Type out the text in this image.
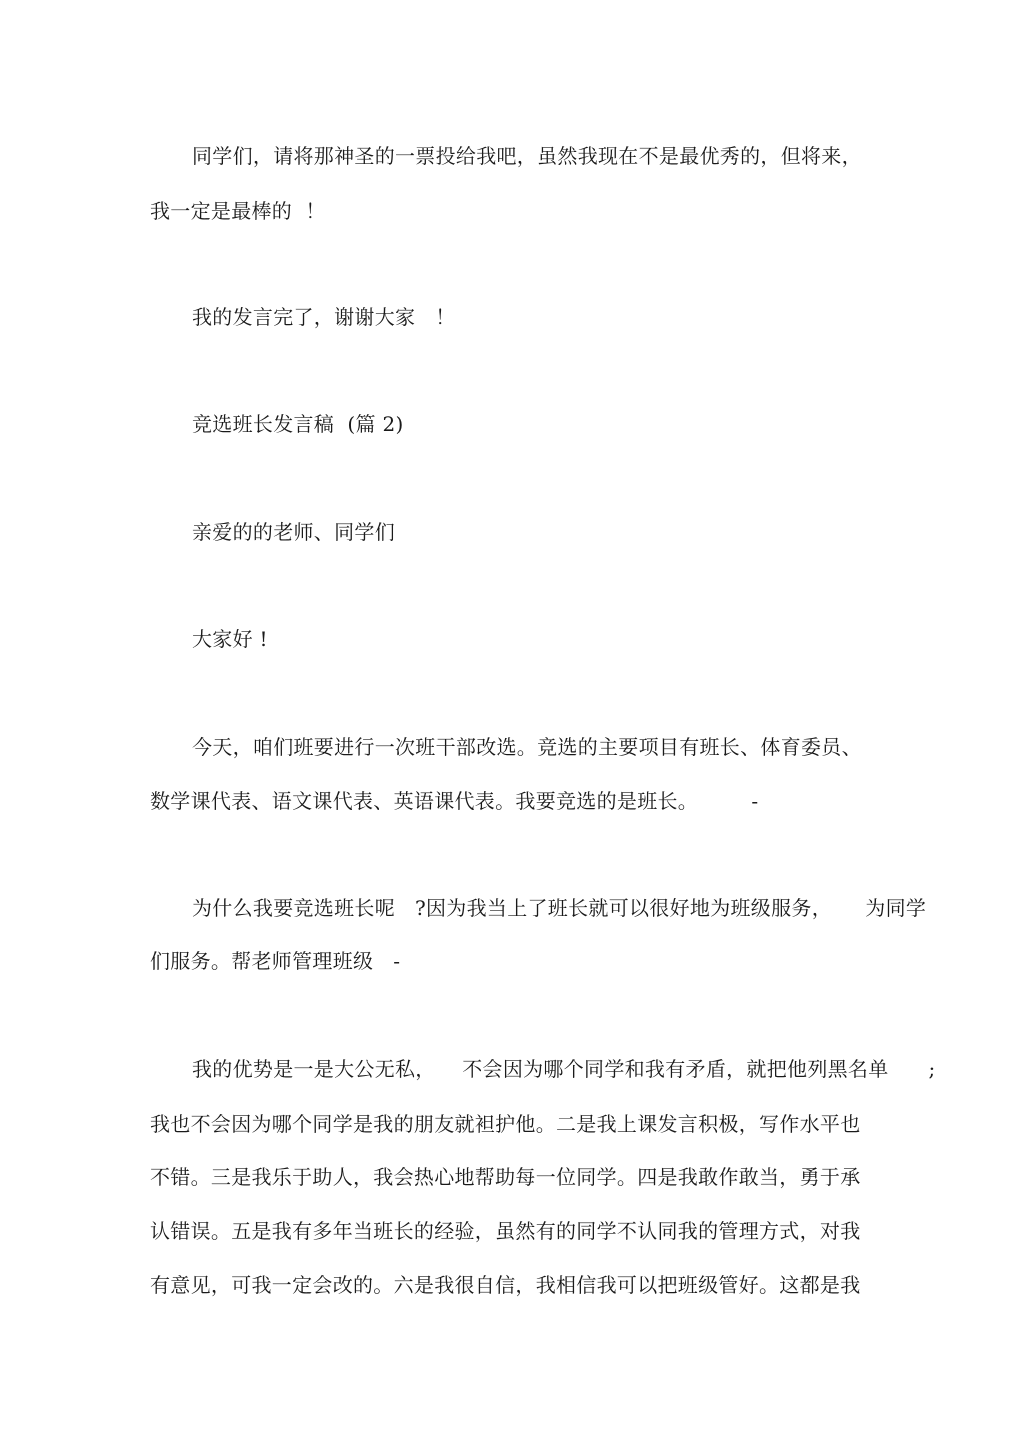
同学们，请将那神圣的一票投给我吧，虽然我现在不是最优秀的，但将来，
我一定是最棒的  ！
我的发言完了，谢谢大家   ！
竞选班长发言稿  (篇 2)
亲爱的的老师、同学们
大家好 !
今天，咱们班要进行一次班干部改选。竞选的主要项目有班长、体育委员、
数学课代表、语文课代表、英语课代表。我要竞选的是班长。        -
为什么我要竞选班长呢   ?因为我当上了班长就可以很好地为班级服务，     为同学
们服务。帮老师管理班级   -
我的优势是一是大公无私，    不会因为哪个同学和我有矛盾，就把他列黑名单      ;
我也不会因为哪个同学是我的朋友就袒护他。二是我上课发言积极，写作水平也
不错。三是我乐于助人，我会热心地帮助每一位同学。四是我敢作敢当，勇于承
认错误。五是我有多年当班长的经验，虽然有的同学不认同我的管理方式，对我
有意见，可我一定会改的。六是我很自信，我相信我可以把班级管好。这都是我
